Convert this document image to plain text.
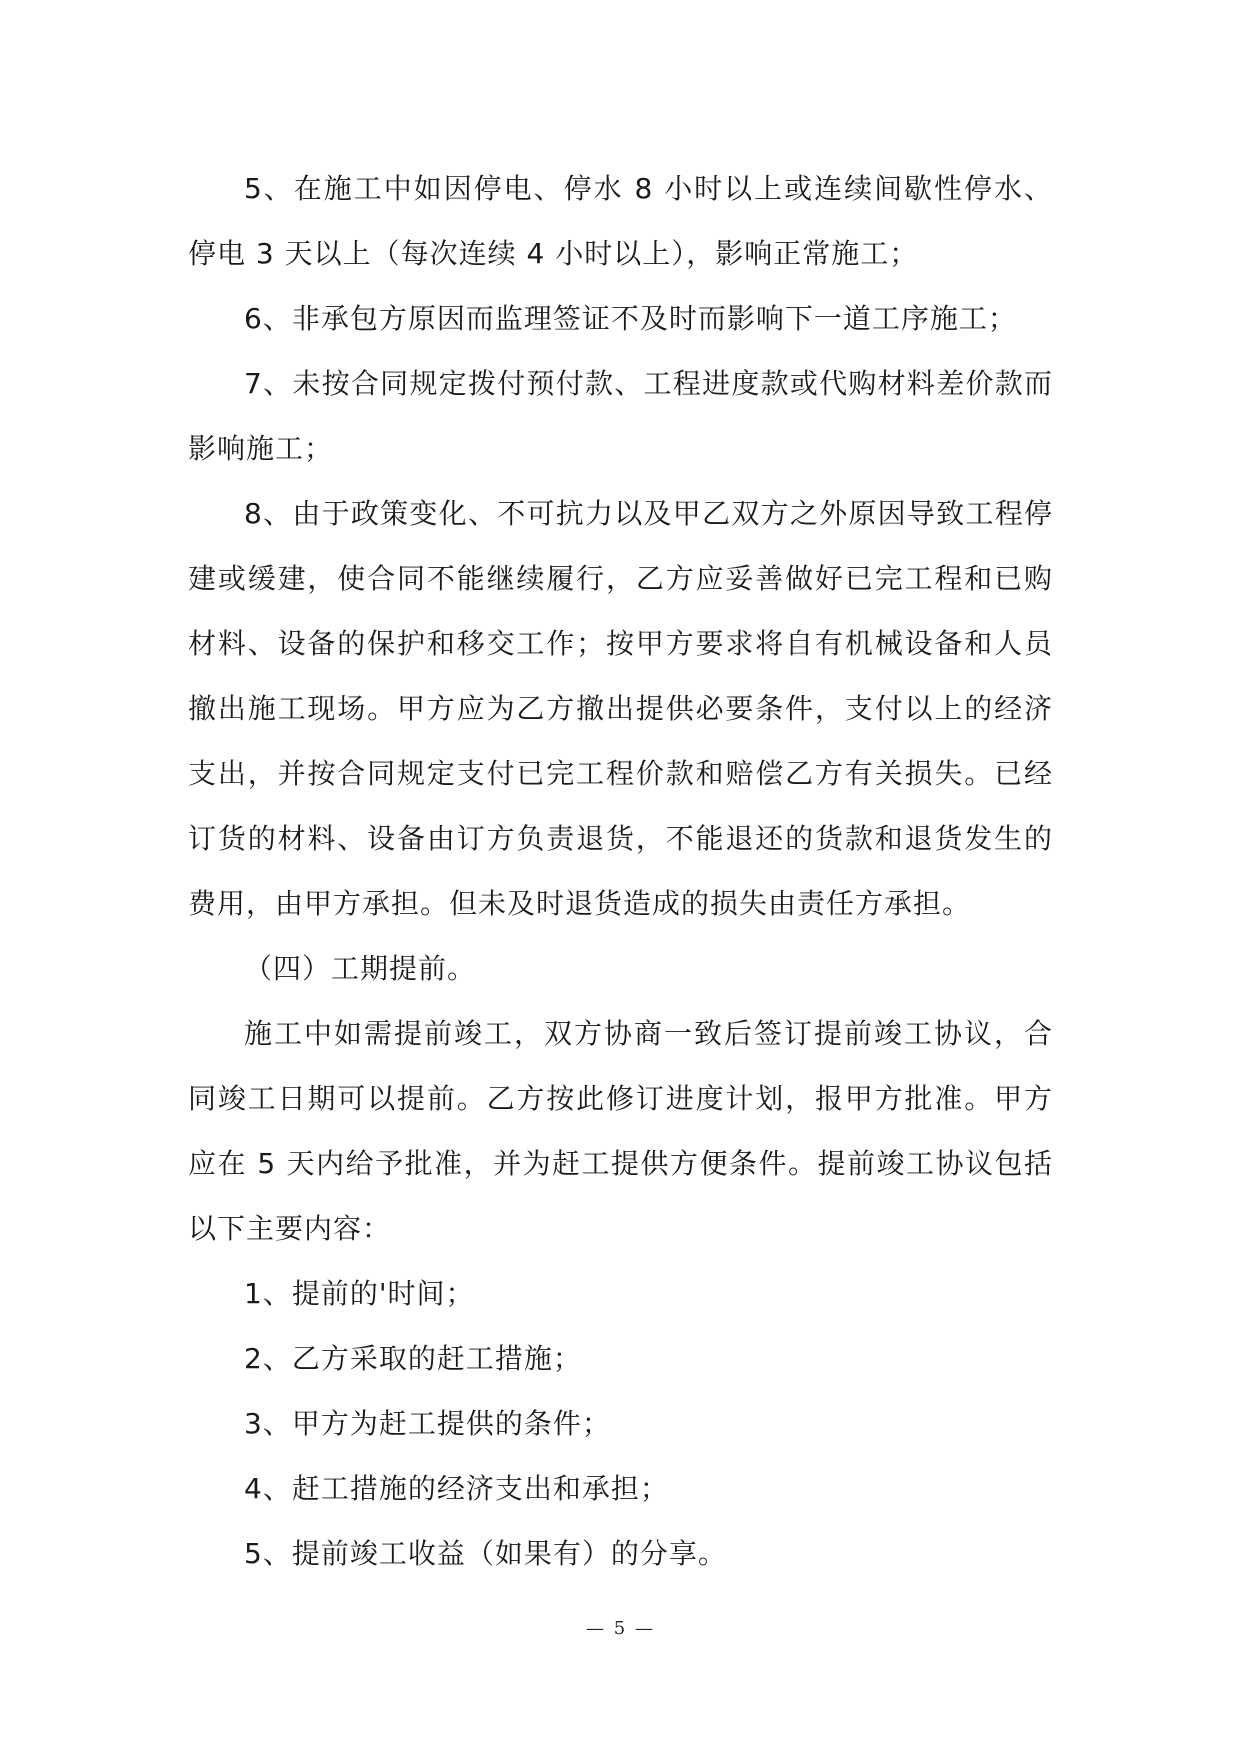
5、在施工中如因停电、停水 8 小时以上或连续间歇性停水、停电 3 天以上（每次连续 4 小时以上），影响正常施工；

6、非承包方原因而监理签证不及时而影响下一道工序施工；

7、未按合同规定拨付预付款、工程进度款或代购材料差价款而影响施工；

8、由于政策变化、不可抗力以及甲乙双方之外原因导致工程停建或缓建，使合同不能继续履行，乙方应妥善做好已完工程和已购材料、设备的保护和移交工作；按甲方要求将自有机械设备和人员撤出施工现场。甲方应为乙方撤出提供必要条件，支付以上的经济支出，并按合同规定支付已完工程价款和赔偿乙方有关损失。已经订货的材料、设备由订方负责退货，不能退还的货款和退货发生的费用，由甲方承担。但未及时退货造成的损失由责任方承担。

（四）工期提前。

施工中如需提前竣工，双方协商一致后签订提前竣工协议，合同竣工日期可以提前。乙方按此修订进度计划，报甲方批准。甲方应在 5 天内给予批准，并为赶工提供方便条件。提前竣工协议包括以下主要内容：

1、提前的'时间；

2、乙方采取的赶工措施；

3、甲方为赶工提供的条件；

4、赶工措施的经济支出和承担；

5、提前竣工收益（如果有）的分享。

— 5 —
